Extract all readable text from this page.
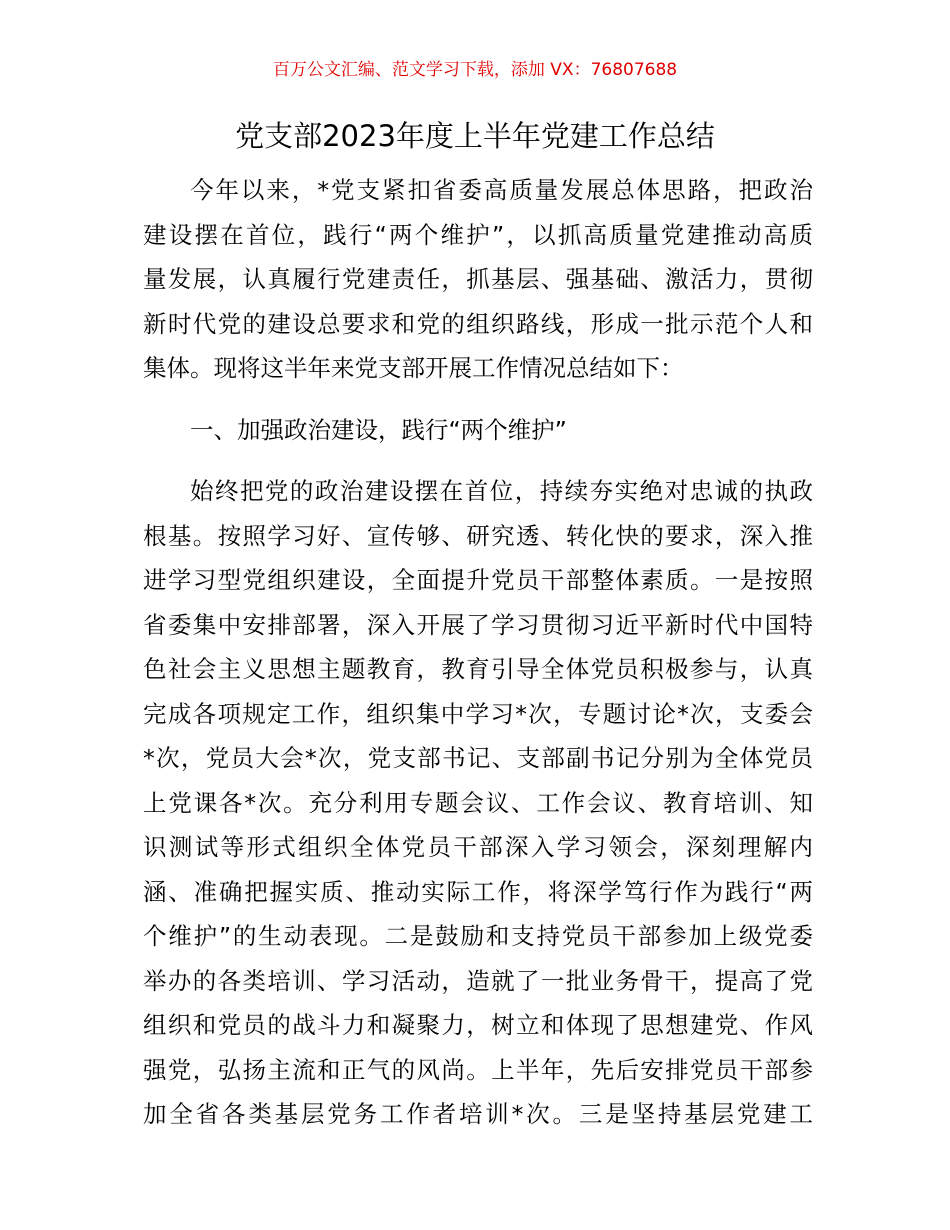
百万公文汇编、范文学习下载，添加 VX：76807688
党支部2023年度上半年党建工作总结
今年以来，*党支紧扣省委高质量发展总体思路，把政治
建设摆在首位，践行“两个维护”，以抓高质量党建推动高质
量发展，认真履行党建责任，抓基层、强基础、激活力，贯彻
新时代党的建设总要求和党的组织路线，形成一批示范个人和
集体。现将这半年来党支部开展工作情况总结如下：
一、加强政治建设，践行“两个维护”
始终把党的政治建设摆在首位，持续夯实绝对忠诚的执政
根基。按照学习好、宣传够、研究透、转化快的要求，深入推
进学习型党组织建设，全面提升党员干部整体素质。一是按照
省委集中安排部署，深入开展了学习贯彻习近平新时代中国特
色社会主义思想主题教育，教育引导全体党员积极参与，认真
完成各项规定工作，组织集中学习*次，专题讨论*次，支委会
*次，党员大会*次，党支部书记、支部副书记分别为全体党员
上党课各*次。充分利用专题会议、工作会议、教育培训、知
识测试等形式组织全体党员干部深入学习领会，深刻理解内
涵、准确把握实质、推动实际工作，将深学笃行作为践行“两
个维护”的生动表现。二是鼓励和支持党员干部参加上级党委
举办的各类培训、学习活动，造就了一批业务骨干，提高了党
组织和党员的战斗力和凝聚力，树立和体现了思想建党、作风
强党，弘扬主流和正气的风尚。上半年，先后安排党员干部参
加全省各类基层党务工作者培训*次。三是坚持基层党建工
